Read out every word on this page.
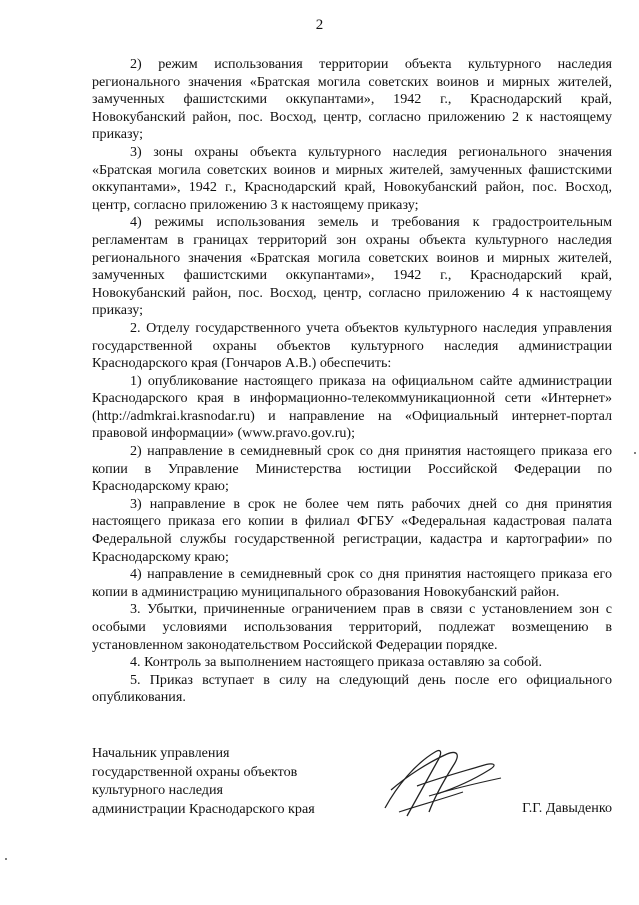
2

2) режим использования территории объекта культурного наследия регионального значения «Братская могила советских воинов и мирных жителей, замученных фашистскими оккупантами», 1942 г., Краснодарский край, Новокубанский район, пос. Восход, центр, согласно приложению 2 к настоящему приказу;

3) зоны охраны объекта культурного наследия регионального значения «Братская могила советских воинов и мирных жителей, замученных фашистскими оккупантами», 1942 г., Краснодарский край, Новокубанский район, пос. Восход, центр, согласно приложению 3 к настоящему приказу;

4) режимы использования земель и требования к градостроительным регламентам в границах территорий зон охраны объекта культурного наследия регионального значения «Братская могила советских воинов и мирных жителей, замученных фашистскими оккупантами», 1942 г., Краснодарский край, Новокубанский район, пос. Восход, центр, согласно приложению 4 к настоящему приказу;

2. Отделу государственного учета объектов культурного наследия управления государственной охраны объектов культурного наследия администрации Краснодарского края (Гончаров А.В.) обеспечить:

1) опубликование настоящего приказа на официальном сайте администрации Краснодарского края в информационно-телекоммуникационной сети «Интернет» (http://admkrai.krasnodar.ru) и направление на «Официальный интернет-портал правовой информации» (www.pravo.gov.ru);

2) направление в семидневный срок со дня принятия настоящего приказа его копии в Управление Министерства юстиции Российской Федерации по Краснодарскому краю;

3) направление в срок не более чем пять рабочих дней со дня принятия настоящего приказа его копии в филиал ФГБУ «Федеральная кадастровая палата Федеральной службы государственной регистрации, кадастра и картографии» по Краснодарскому краю;

4) направление в семидневный срок со дня принятия настоящего приказа его копии в администрацию муниципального образования Новокубанский район.

3. Убытки, причиненные ограничением прав в связи с установлением зон с особыми условиями использования территорий, подлежат возмещению в установленном законодательством Российской Федерации порядке.

4. Контроль за выполнением настоящего приказа оставляю за собой.

5. Приказ вступает в силу на следующий день после его официального опубликования.

Начальник управления
государственной охраны объектов
культурного наследия
администрации Краснодарского края	Г.Г. Давыденко
